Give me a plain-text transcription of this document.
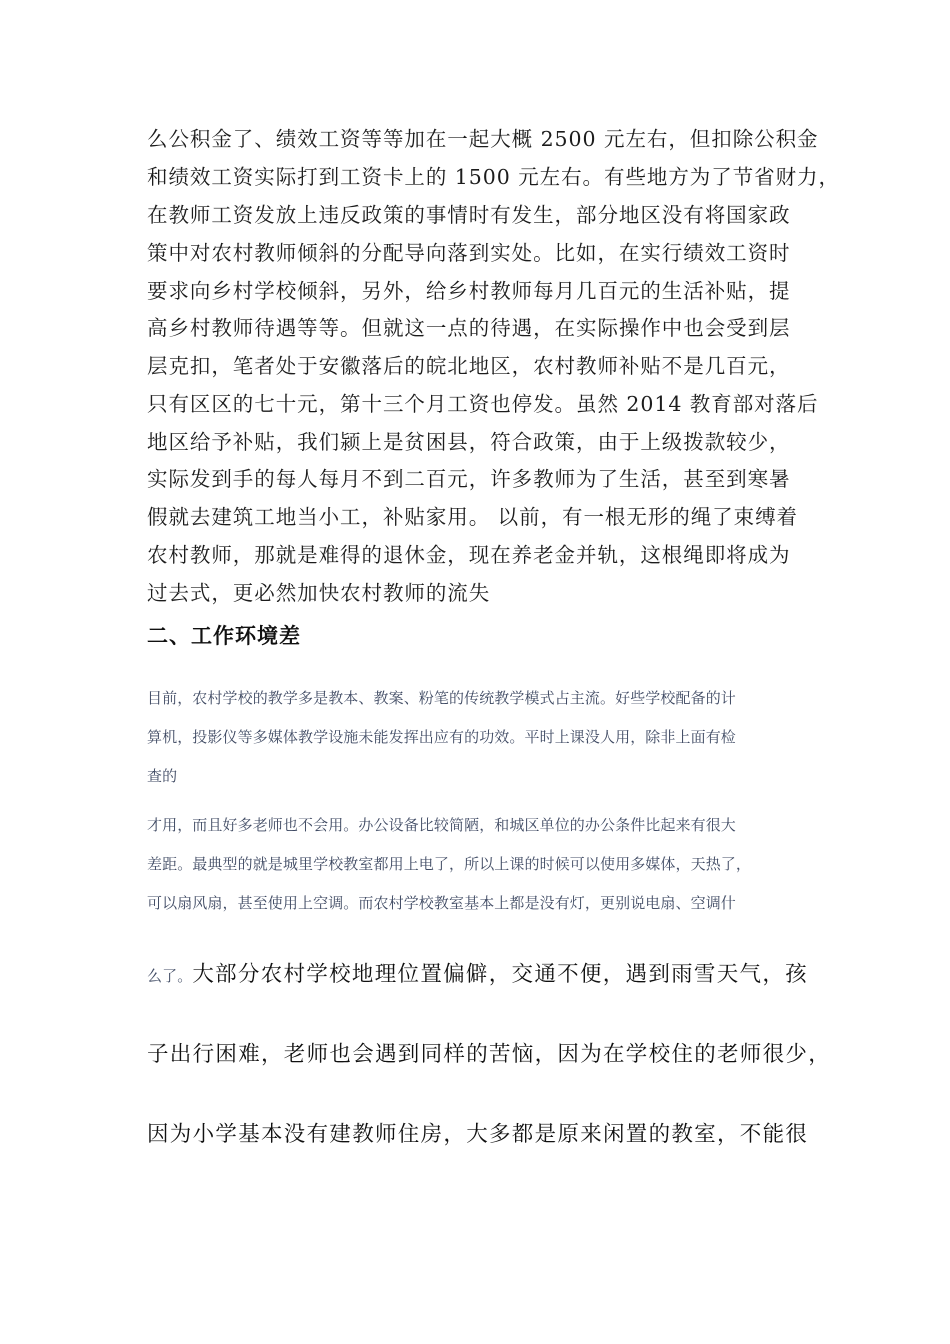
么公积金了、绩效工资等等加在一起大概 2500 元左右，但扣除公积金
和绩效工资实际打到工资卡上的 1500 元左右。有些地方为了节省财力，
在教师工资发放上违反政策的事情时有发生，部分地区没有将国家政
策中对农村教师倾斜的分配导向落到实处。比如，在实行绩效工资时
要求向乡村学校倾斜，另外，给乡村教师每月几百元的生活补贴，提
高乡村教师待遇等等。但就这一点的待遇，在实际操作中也会受到层
层克扣，笔者处于安徽落后的皖北地区，农村教师补贴不是几百元，
只有区区的七十元，第十三个月工资也停发。虽然 2014 教育部对落后
地区给予补贴，我们颍上是贫困县，符合政策，由于上级拨款较少，
实际发到手的每人每月不到二百元，许多教师为了生活，甚至到寒暑
假就去建筑工地当小工，补贴家用。 以前，有一根无形的绳了束缚着
农村教师，那就是难得的退休金，现在养老金并轨，这根绳即将成为
过去式，更必然加快农村教师的流失
二、工作环境差
目前，农村学校的教学多是教本、教案、粉笔的传统教学模式占主流。好些学校配备的计
算机，投影仪等多媒体教学设施未能发挥出应有的功效。平时上课没人用，除非上面有检
查的
才用，而且好多老师也不会用。办公设备比较简陋，和城区单位的办公条件比起来有很大
差距。最典型的就是城里学校教室都用上电了，所以上课的时候可以使用多媒体，天热了，
可以扇风扇，甚至使用上空调。而农村学校教室基本上都是没有灯，更别说电扇、空调什
么了。大部分农村学校地理位置偏僻，交通不便，遇到雨雪天气，孩
子出行困难，老师也会遇到同样的苦恼，因为在学校住的老师很少，
因为小学基本没有建教师住房，大多都是原来闲置的教室，不能很
